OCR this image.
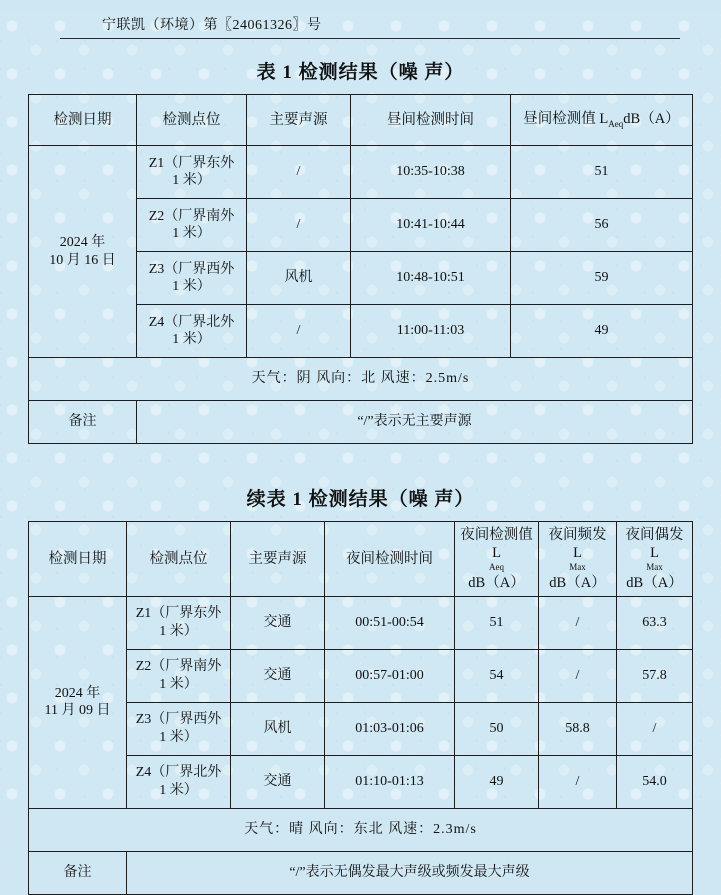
宁联凯（环境）第〖24061326〗号
表 1 检测结果（噪 声）
检测日期	检测点位	主要声源	昼间检测时间	昼间检测值 $L_{Aeq}dB(A)$
2024 年
10 月 16 日	Z1（厂界东外
1 米）	/	10:35-10:38	51

	Z2（厂界南外
1 米）	/	10:41-10:44	56

	Z3（厂界西外
1 米）	风机	10:48-10:51	59

	Z4（厂界北外
1 米）	/	11:00-11:03	49
天气：阴 风向：北 风速：2.5m/s				
备注	“/”表示无主要声源			
续表 1 检测结果（噪 声）
检测日期	检测点位	主要声源	夜间检测时间	夜间检测值
L
Aeq
dB（A）	夜间频发
L
Max
dB（A）	夜间偶发
L
Max
dB（A）

2024 年
11 月 09 日	Z1（厂界东外
1 米）	交通	00:51-00:54	51	/	63.3

	Z2（厂界南外
1 米）	交通	00:57-01:00	54	/	57.8

	Z3（厂界西外
1 米）	风机	01:03-01:06	50	58.8	/

	Z4（厂界北外
1 米）	交通	01:10-01:13	49	/	54.0
天气：晴 风向：东北 风速：2.3m/s						
备注	“/”表示无偶发最大声级或频发最大声级					
